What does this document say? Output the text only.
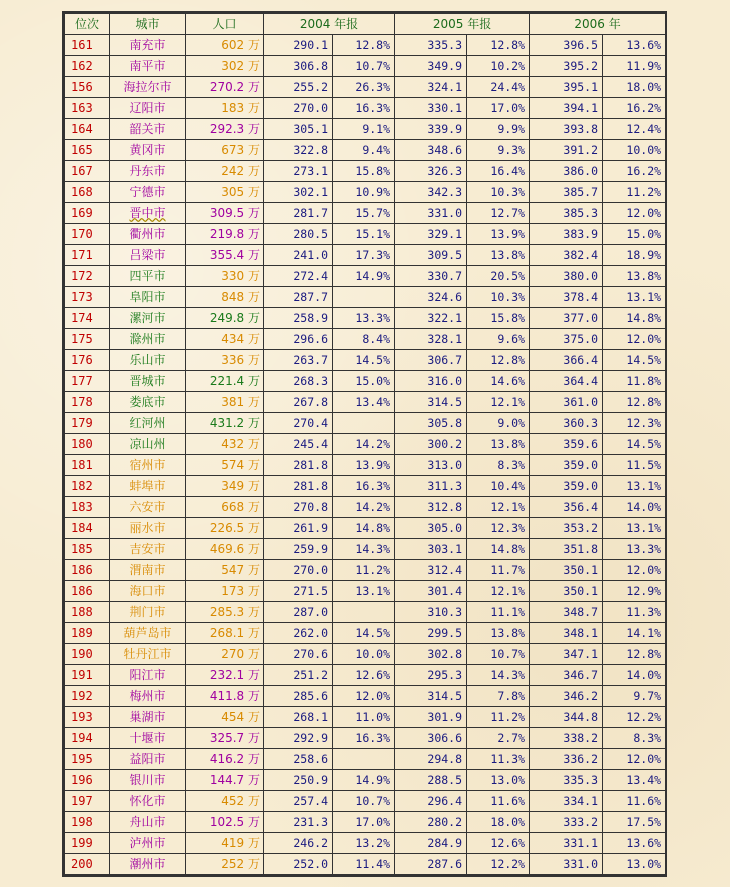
位次	城市	人口	2004 年报		2005 年报		2006 年	
161	南充市	602 万	290.1	12.8%	335.3	12.8%	396.5	13.6%
162	南平市	302 万	306.8	10.7%	349.9	10.2%	395.2	11.9%
156	海拉尔市	270.2 万	255.2	26.3%	324.1	24.4%	395.1	18.0%
163	辽阳市	183 万	270.0	16.3%	330.1	17.0%	394.1	16.2%
164	韶关市	292.3 万	305.1	9.1%	339.9	9.9%	393.8	12.4%
165	黄冈市	673 万	322.8	9.4%	348.6	9.3%	391.2	10.0%
167	丹东市	242 万	273.1	15.8%	326.3	16.4%	386.0	16.2%
168	宁德市	305 万	302.1	10.9%	342.3	10.3%	385.7	11.2%
169	晋中市	309.5 万	281.7	15.7%	331.0	12.7%	385.3	12.0%
170	衢州市	219.8 万	280.5	15.1%	329.1	13.9%	383.9	15.0%
171	吕梁市	355.4 万	241.0	17.3%	309.5	13.8%	382.4	18.9%
172	四平市	330 万	272.4	14.9%	330.7	20.5%	380.0	13.8%
173	阜阳市	848 万	287.7		324.6	10.3%	378.4	13.1%
174	漯河市	249.8 万	258.9	13.3%	322.1	15.8%	377.0	14.8%
175	滁州市	434 万	296.6	8.4%	328.1	9.6%	375.0	12.0%
176	乐山市	336 万	263.7	14.5%	306.7	12.8%	366.4	14.5%
177	晋城市	221.4 万	268.3	15.0%	316.0	14.6%	364.4	11.8%
178	娄底市	381 万	267.8	13.4%	314.5	12.1%	361.0	12.8%
179	红河州	431.2 万	270.4		305.8	9.0%	360.3	12.3%
180	凉山州	432 万	245.4	14.2%	300.2	13.8%	359.6	14.5%
181	宿州市	574 万	281.8	13.9%	313.0	8.3%	359.0	11.5%
182	蚌埠市	349 万	281.8	16.3%	311.3	10.4%	359.0	13.1%
183	六安市	668 万	270.8	14.2%	312.8	12.1%	356.4	14.0%
184	丽水市	226.5 万	261.9	14.8%	305.0	12.3%	353.2	13.1%
185	吉安市	469.6 万	259.9	14.3%	303.1	14.8%	351.8	13.3%
186	渭南市	547 万	270.0	11.2%	312.4	11.7%	350.1	12.0%
186	海口市	173 万	271.5	13.1%	301.4	12.1%	350.1	12.9%
188	荆门市	285.3 万	287.0		310.3	11.1%	348.7	11.3%
189	葫芦岛市	268.1 万	262.0	14.5%	299.5	13.8%	348.1	14.1%
190	牡丹江市	270 万	270.6	10.0%	302.8	10.7%	347.1	12.8%
191	阳江市	232.1 万	251.2	12.6%	295.3	14.3%	346.7	14.0%
192	梅州市	411.8 万	285.6	12.0%	314.5	7.8%	346.2	9.7%
193	巢湖市	454 万	268.1	11.0%	301.9	11.2%	344.8	12.2%
194	十堰市	325.7 万	292.9	16.3%	306.6	2.7%	338.2	8.3%
195	益阳市	416.2 万	258.6		294.8	11.3%	336.2	12.0%
196	银川市	144.7 万	250.9	14.9%	288.5	13.0%	335.3	13.4%
197	怀化市	452 万	257.4	10.7%	296.4	11.6%	334.1	11.6%
198	舟山市	102.5 万	231.3	17.0%	280.2	18.0%	333.2	17.5%
199	泸州市	419 万	246.2	13.2%	284.9	12.6%	331.1	13.6%
200	潮州市	252 万	252.0	11.4%	287.6	12.2%	331.0	13.0%
